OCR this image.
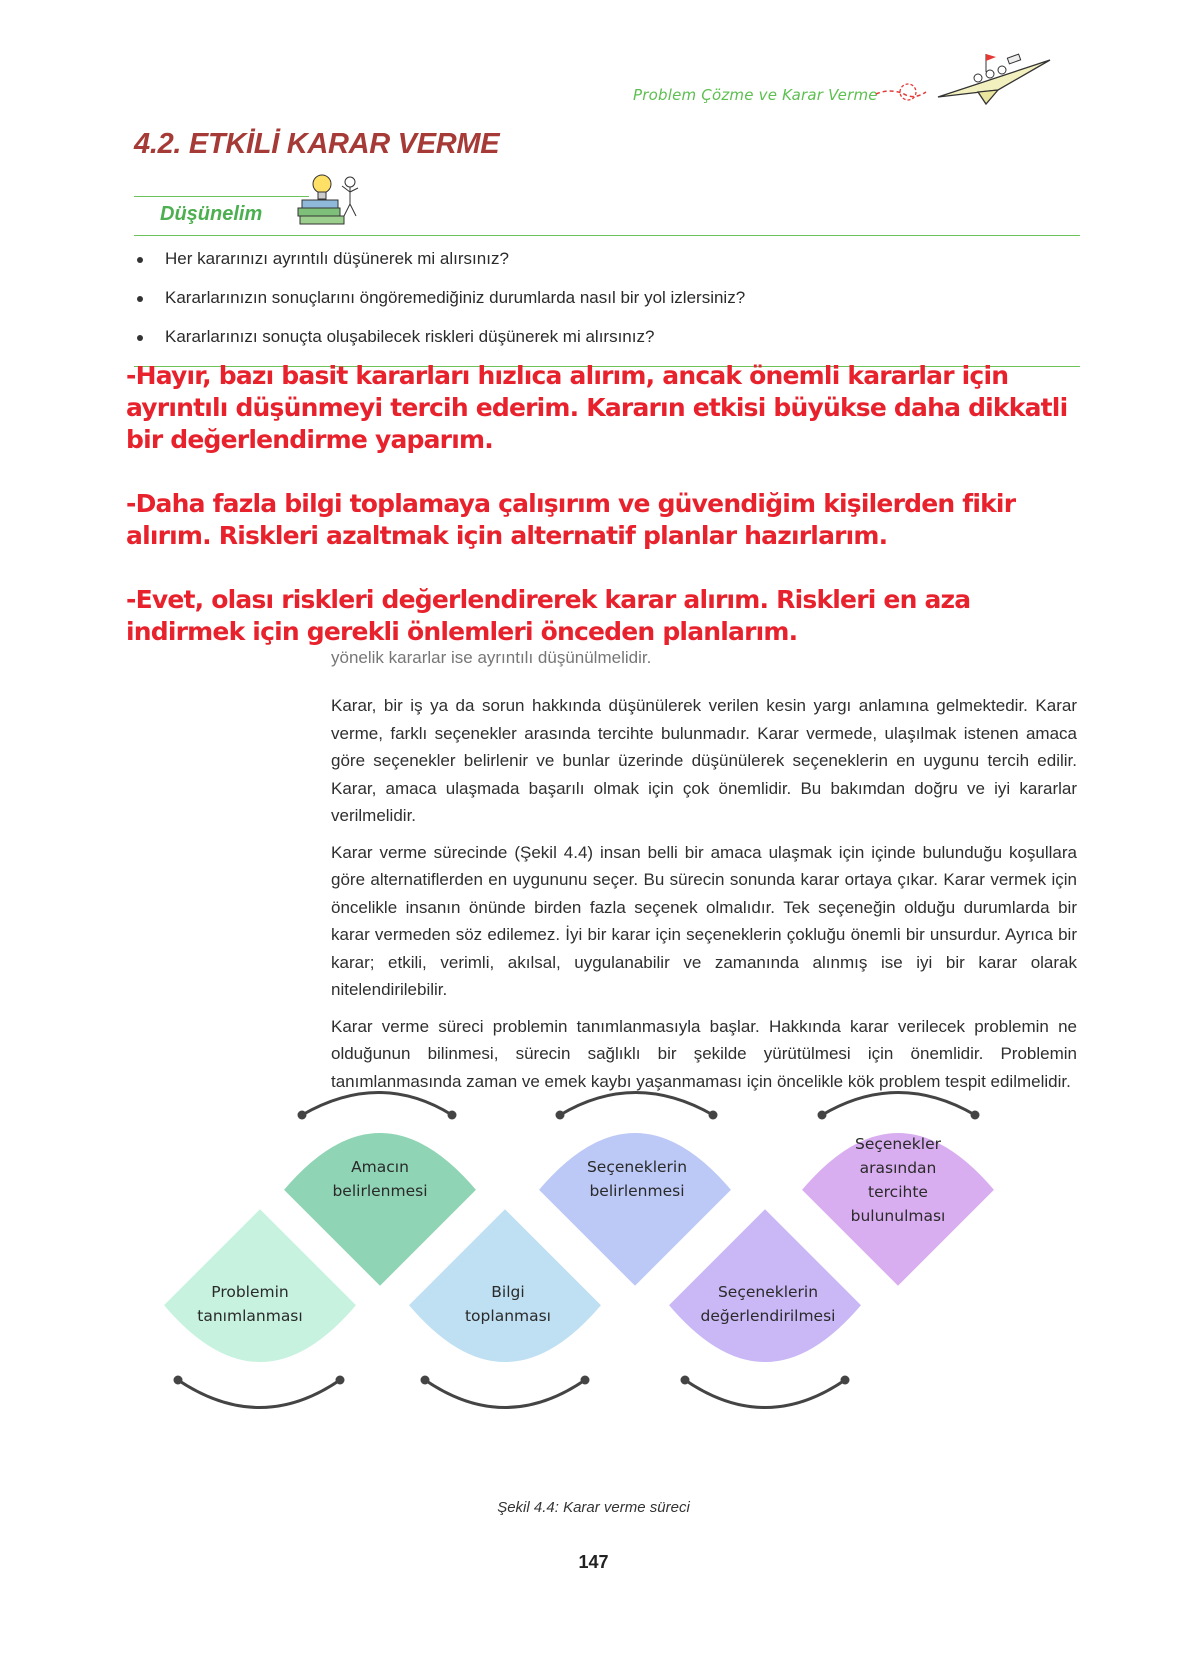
Problem Çözme ve Karar Verme
4.2. ETKİLİ KARAR VERME
Düşünelim
Her kararınızı ayrıntılı düşünerek mi alırsınız?
Kararlarınızın sonuçlarını öngöremediğiniz durumlarda nasıl bir yol izlersiniz?
Kararlarınızı sonuçta oluşabilecek riskleri düşünerek mi alırsınız?

-Hayır, bazı basit kararları hızlıca alırım, ancak önemli kararlar için ayrıntılı düşünmeyi tercih ederim. Kararın etkisi büyükse daha dikkatli bir değerlendirme yaparım.

-Daha fazla bilgi toplamaya çalışırım ve güvendiğim kişilerden fikir alırım. Riskleri azaltmak için alternatif planlar hazırlarım.

-Evet, olası riskleri değerlendirerek karar alırım. Riskleri en aza indirmek için gerekli önlemleri önceden planlarım.

yönelik kararlar ise ayrıntılı düşünülmelidir.

Karar, bir iş ya da sorun hakkında düşünülerek verilen kesin yargı anlamına gelmektedir. Karar verme, farklı seçenekler arasında tercihte bulunmadır. Karar vermede, ulaşılmak istenen amaca göre seçenekler belirlenir ve bunlar üzerinde düşünülerek seçeneklerin en uygunu tercih edilir. Karar, amaca ulaşmada başarılı olmak için çok önemlidir. Bu bakımdan doğru ve iyi kararlar verilmelidir.

Karar verme sürecinde (Şekil 4.4) insan belli bir amaca ulaşmak için içinde bulunduğu koşullara göre alternatiflerden en uygununu seçer. Bu sürecin sonunda karar ortaya çıkar. Karar vermek için öncelikle insanın önünde birden fazla seçenek olmalıdır. Tek seçeneğin olduğu durumlarda bir karar vermeden söz edilemez. İyi bir karar için seçeneklerin çokluğu önemli bir unsurdur. Ayrıca bir karar; etkili, verimli, akılsal, uygulanabilir ve zamanında alınmış ise iyi bir karar olarak nitelendirilebilir.

Karar verme süreci problemin tanımlanmasıyla başlar. Hakkında karar verilecek problemin ne olduğunun bilinmesi, sürecin sağlıklı bir şekilde yürütülmesi için önemlidir. Problemin tanımlanmasında zaman ve emek kaybı yaşanmaması için öncelikle kök problem tespit edilmelidir.

Problemin tanımlanması
Amacın belirlenmesi
Bilgi toplanması
Seçeneklerin belirlenmesi
Seçeneklerin değerlendirilmesi
Seçenekler arasından tercihte bulunulması
Şekil 4.4: Karar verme süreci
147
